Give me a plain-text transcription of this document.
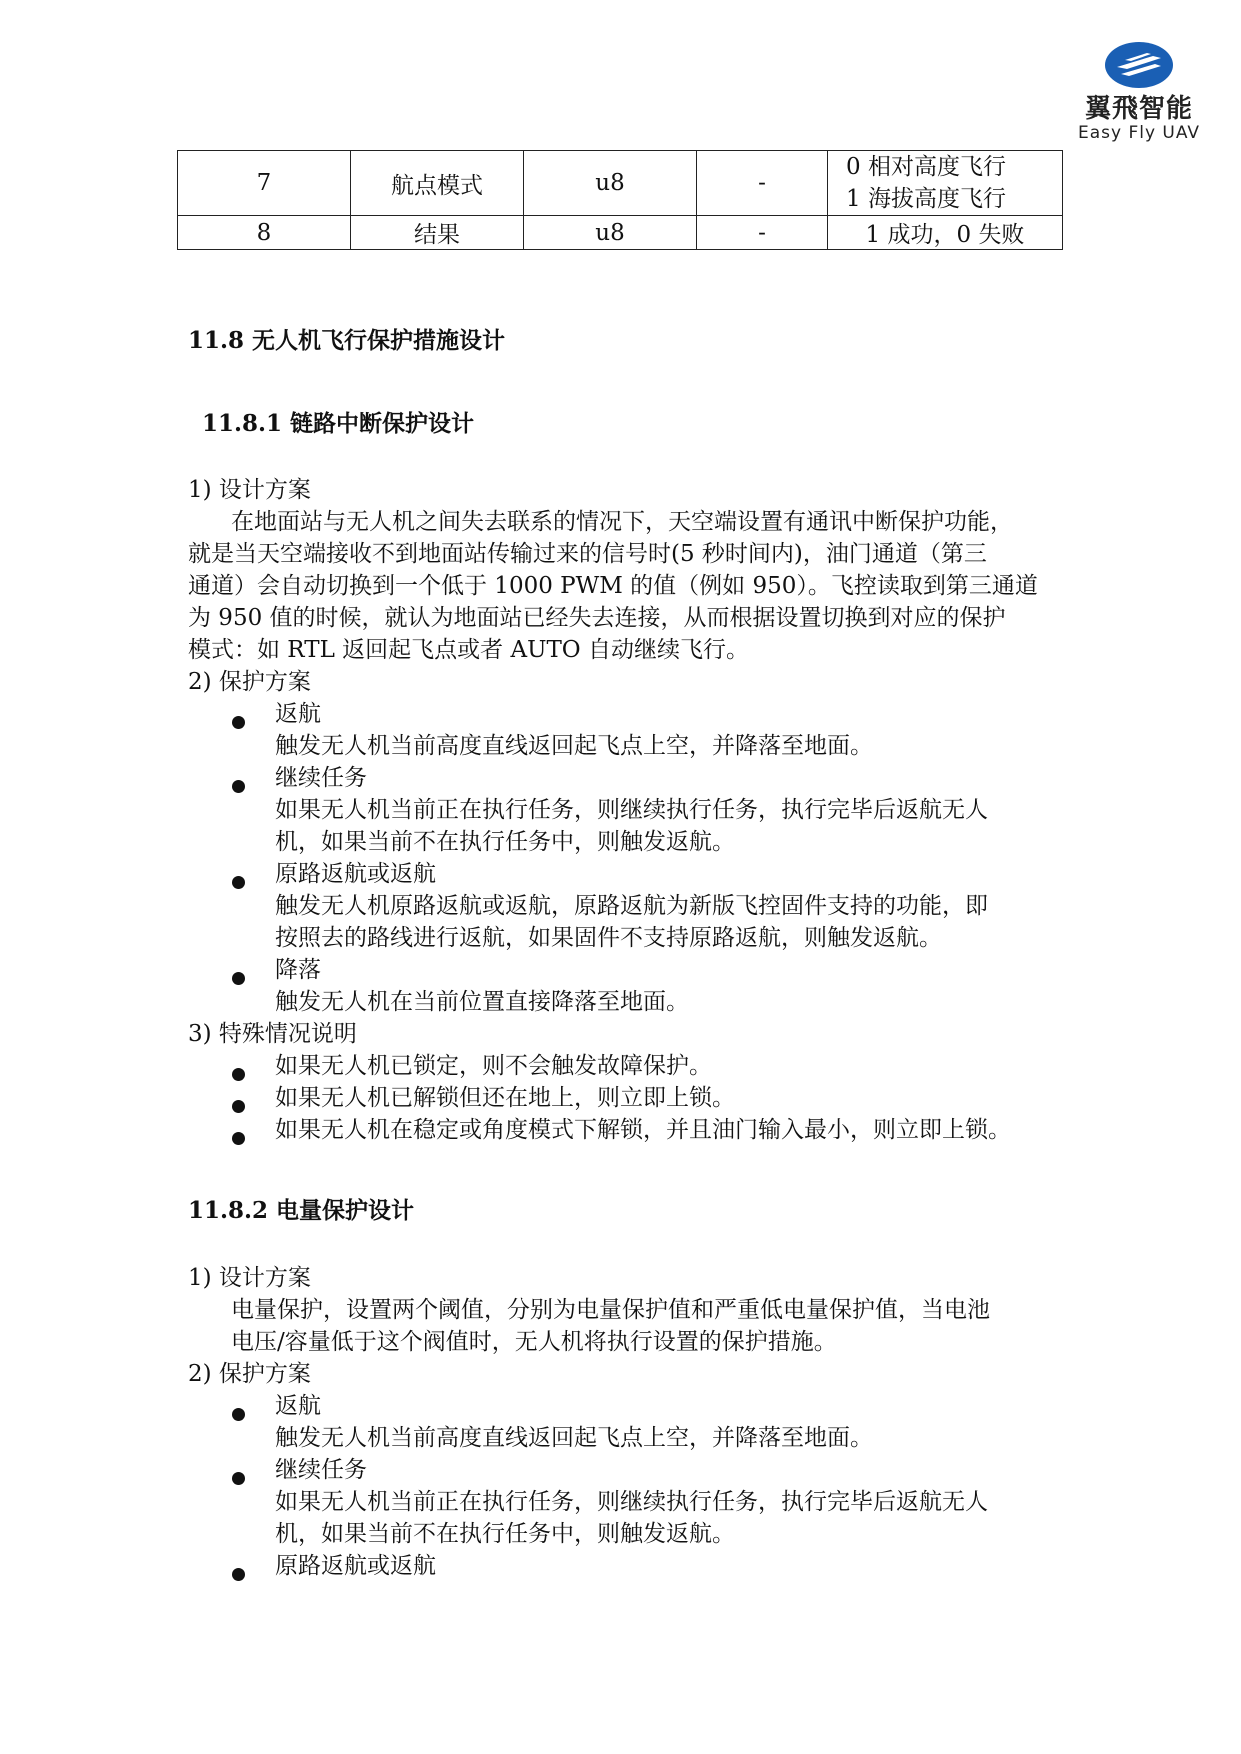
翼飛智能
Easy Fly UAV
7	航点模式	u8	-	0 相对高度飞行
1 海拔高度飞行

8	结果	u8	-	1 成功，0 失败
11.8 无人机飞行保护措施设计
11.8.1 链路中断保护设计
1) 设计方案
在地面站与无人机之间失去联系的情况下，天空端设置有通讯中断保护功能，
就是当天空端接收不到地面站传输过来的信号时(5 秒时间内)，油门通道（第三
通道）会自动切换到一个低于 1000 PWM 的值（例如 950）。飞控读取到第三通道
为 950 值的时候，就认为地面站已经失去连接，从而根据设置切换到对应的保护
模式：如 RTL 返回起飞点或者 AUTO 自动继续飞行。
2) 保护方案
返航
触发无人机当前高度直线返回起飞点上空，并降落至地面。
继续任务
如果无人机当前正在执行任务，则继续执行任务，执行完毕后返航无人
机，如果当前不在执行任务中，则触发返航。
原路返航或返航
触发无人机原路返航或返航，原路返航为新版飞控固件支持的功能，即
按照去的路线进行返航，如果固件不支持原路返航，则触发返航。
降落
触发无人机在当前位置直接降落至地面。
3) 特殊情况说明
如果无人机已锁定，则不会触发故障保护。
如果无人机已解锁但还在地上，则立即上锁。
如果无人机在稳定或角度模式下解锁，并且油门输入最小，则立即上锁。
11.8.2 电量保护设计
1) 设计方案
电量保护，设置两个阈值，分别为电量保护值和严重低电量保护值，当电池
电压/容量低于这个阀值时，无人机将执行设置的保护措施。
2) 保护方案
返航
触发无人机当前高度直线返回起飞点上空，并降落至地面。
继续任务
如果无人机当前正在执行任务，则继续执行任务，执行完毕后返航无人
机，如果当前不在执行任务中，则触发返航。
原路返航或返航
